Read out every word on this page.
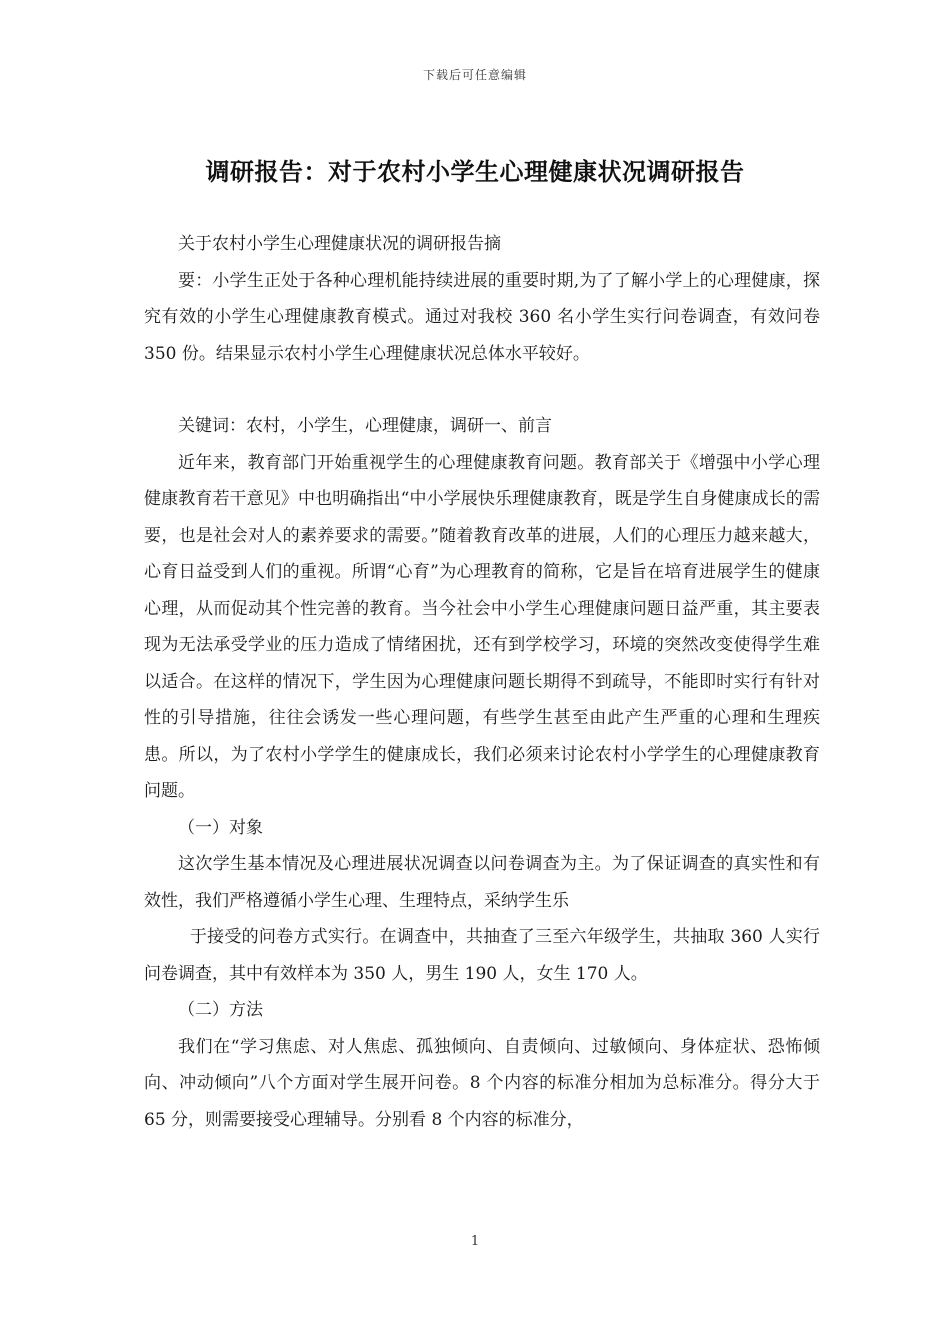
下载后可任意编辑
调研报告：对于农村小学生心理健康状况调研报告

关于农村小学生心理健康状况的调研报告摘

要：小学生正处于各种心理机能持续进展的重要时期,为了了解小学上的心理健康，探究有效的小学生心理健康教育模式。通过对我校 360 名小学生实行问卷调查，有效问卷 350 份。结果显示农村小学生心理健康状况总体水平较好。

关键词：农村，小学生，心理健康，调研一、前言

近年来，教育部门开始重视学生的心理健康教育问题。教育部关于《增强中小学心理健康教育若干意见》中也明确指出“中小学展快乐理健康教育，既是学生自身健康成长的需要，也是社会对人的素养要求的需要。”随着教育改革的进展，人们的心理压力越来越大，心育日益受到人们的重视。所谓“心育”为心理教育的简称，它是旨在培育进展学生的健康心理，从而促动其个性完善的教育。当今社会中小学生心理健康问题日益严重，其主要表现为无法承受学业的压力造成了情绪困扰，还有到学校学习，环境的突然改变使得学生难以适合。在这样的情况下，学生因为心理健康问题长期得不到疏导，不能即时实行有针对性的引导措施，往往会诱发一些心理问题，有些学生甚至由此产生严重的心理和生理疾患。所以，为了农村小学学生的健康成长，我们必须来讨论农村小学学生的心理健康教育问题。

（一）对象

这次学生基本情况及心理进展状况调查以问卷调查为主。为了保证调查的真实性和有效性，我们严格遵循小学生心理、生理特点，采纳学生乐

于接受的问卷方式实行。在调查中，共抽查了三至六年级学生，共抽取 360 人实行问卷调查，其中有效样本为 350 人，男生 190 人，女生 170 人。

（二）方法

我们在“学习焦虑、对人焦虑、孤独倾向、自责倾向、过敏倾向、身体症状、恐怖倾向、冲动倾向”八个方面对学生展开问卷。8 个内容的标准分相加为总标准分。得分大于 65 分，则需要接受心理辅导。分别看 8 个内容的标准分，

1
